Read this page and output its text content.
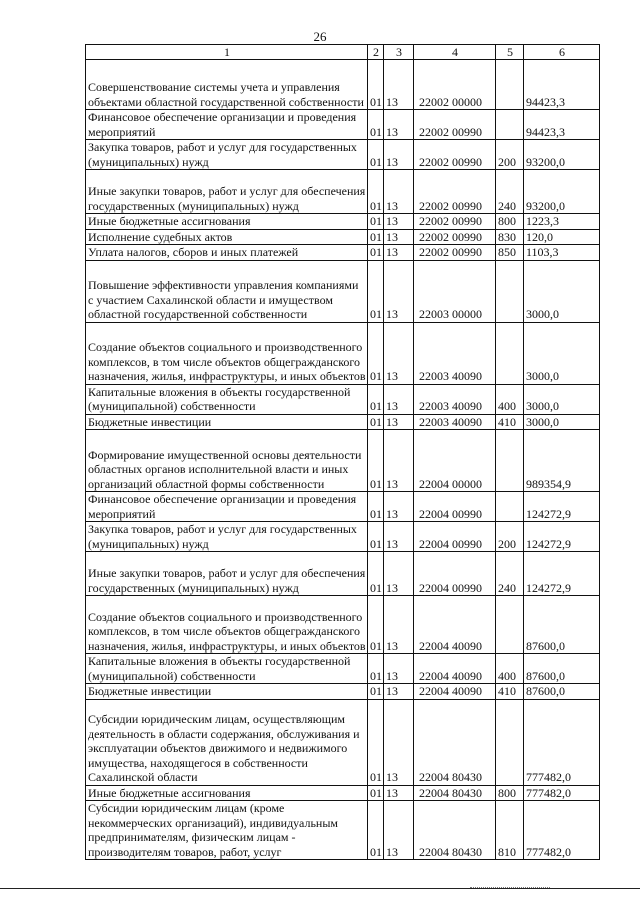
26
1	2	3	4	5	6
Совершенствование системы учета и управления объектами областной государственной собственности	01	13	22002 00000		94423,3
Финансовое обеспечение организации и проведения мероприятий	01	13	22002 00990		94423,3
Закупка товаров, работ и услуг для государственных (муниципальных) нужд	01	13	22002 00990	200	93200,0
Иные закупки товаров, работ и услуг для обеспечения государственных (муниципальных) нужд	01	13	22002 00990	240	93200,0
Иные бюджетные ассигнования	01	13	22002 00990	800	1223,3
Исполнение судебных актов	01	13	22002 00990	830	120,0
Уплата налогов, сборов и иных платежей	01	13	22002 00990	850	1103,3
Повышение эффективности управления компаниями с участием Сахалинской области и имуществом областной государственной собственности	01	13	22003 00000		3000,0
Создание объектов социального и производственного комплексов, в том числе объектов общегражданского назначения, жилья, инфраструктуры, и иных объектов	01	13	22003 40090		3000,0
Капитальные вложения в объекты государственной (муниципальной) собственности	01	13	22003 40090	400	3000,0
Бюджетные инвестиции	01	13	22003 40090	410	3000,0
Формирование имущественной основы деятельности областных органов исполнительной власти и иных организаций областной формы собственности	01	13	22004 00000		989354,9
Финансовое обеспечение организации и проведения мероприятий	01	13	22004 00990		124272,9
Закупка товаров, работ и услуг для государственных (муниципальных) нужд	01	13	22004 00990	200	124272,9
Иные закупки товаров, работ и услуг для обеспечения государственных (муниципальных) нужд	01	13	22004 00990	240	124272,9
Создание объектов социального и производственного комплексов, в том числе объектов общегражданского назначения, жилья, инфраструктуры, и иных объектов	01	13	22004 40090		87600,0
Капитальные вложения в объекты государственной (муниципальной) собственности	01	13	22004 40090	400	87600,0
Бюджетные инвестиции	01	13	22004 40090	410	87600,0
Субсидии юридическим лицам, осуществляющим деятельность в области содержания, обслуживания и эксплуатации объектов движимого и недвижимого имущества, находящегося в собственности Сахалинской области	01	13	22004 80430		777482,0
Иные бюджетные ассигнования	01	13	22004 80430	800	777482,0
Субсидии юридическим лицам (кроме некоммерческих организаций), индивидуальным предпринимателям, физическим лицам - производителям товаров, работ, услуг	01	13	22004 80430	810	777482,0
